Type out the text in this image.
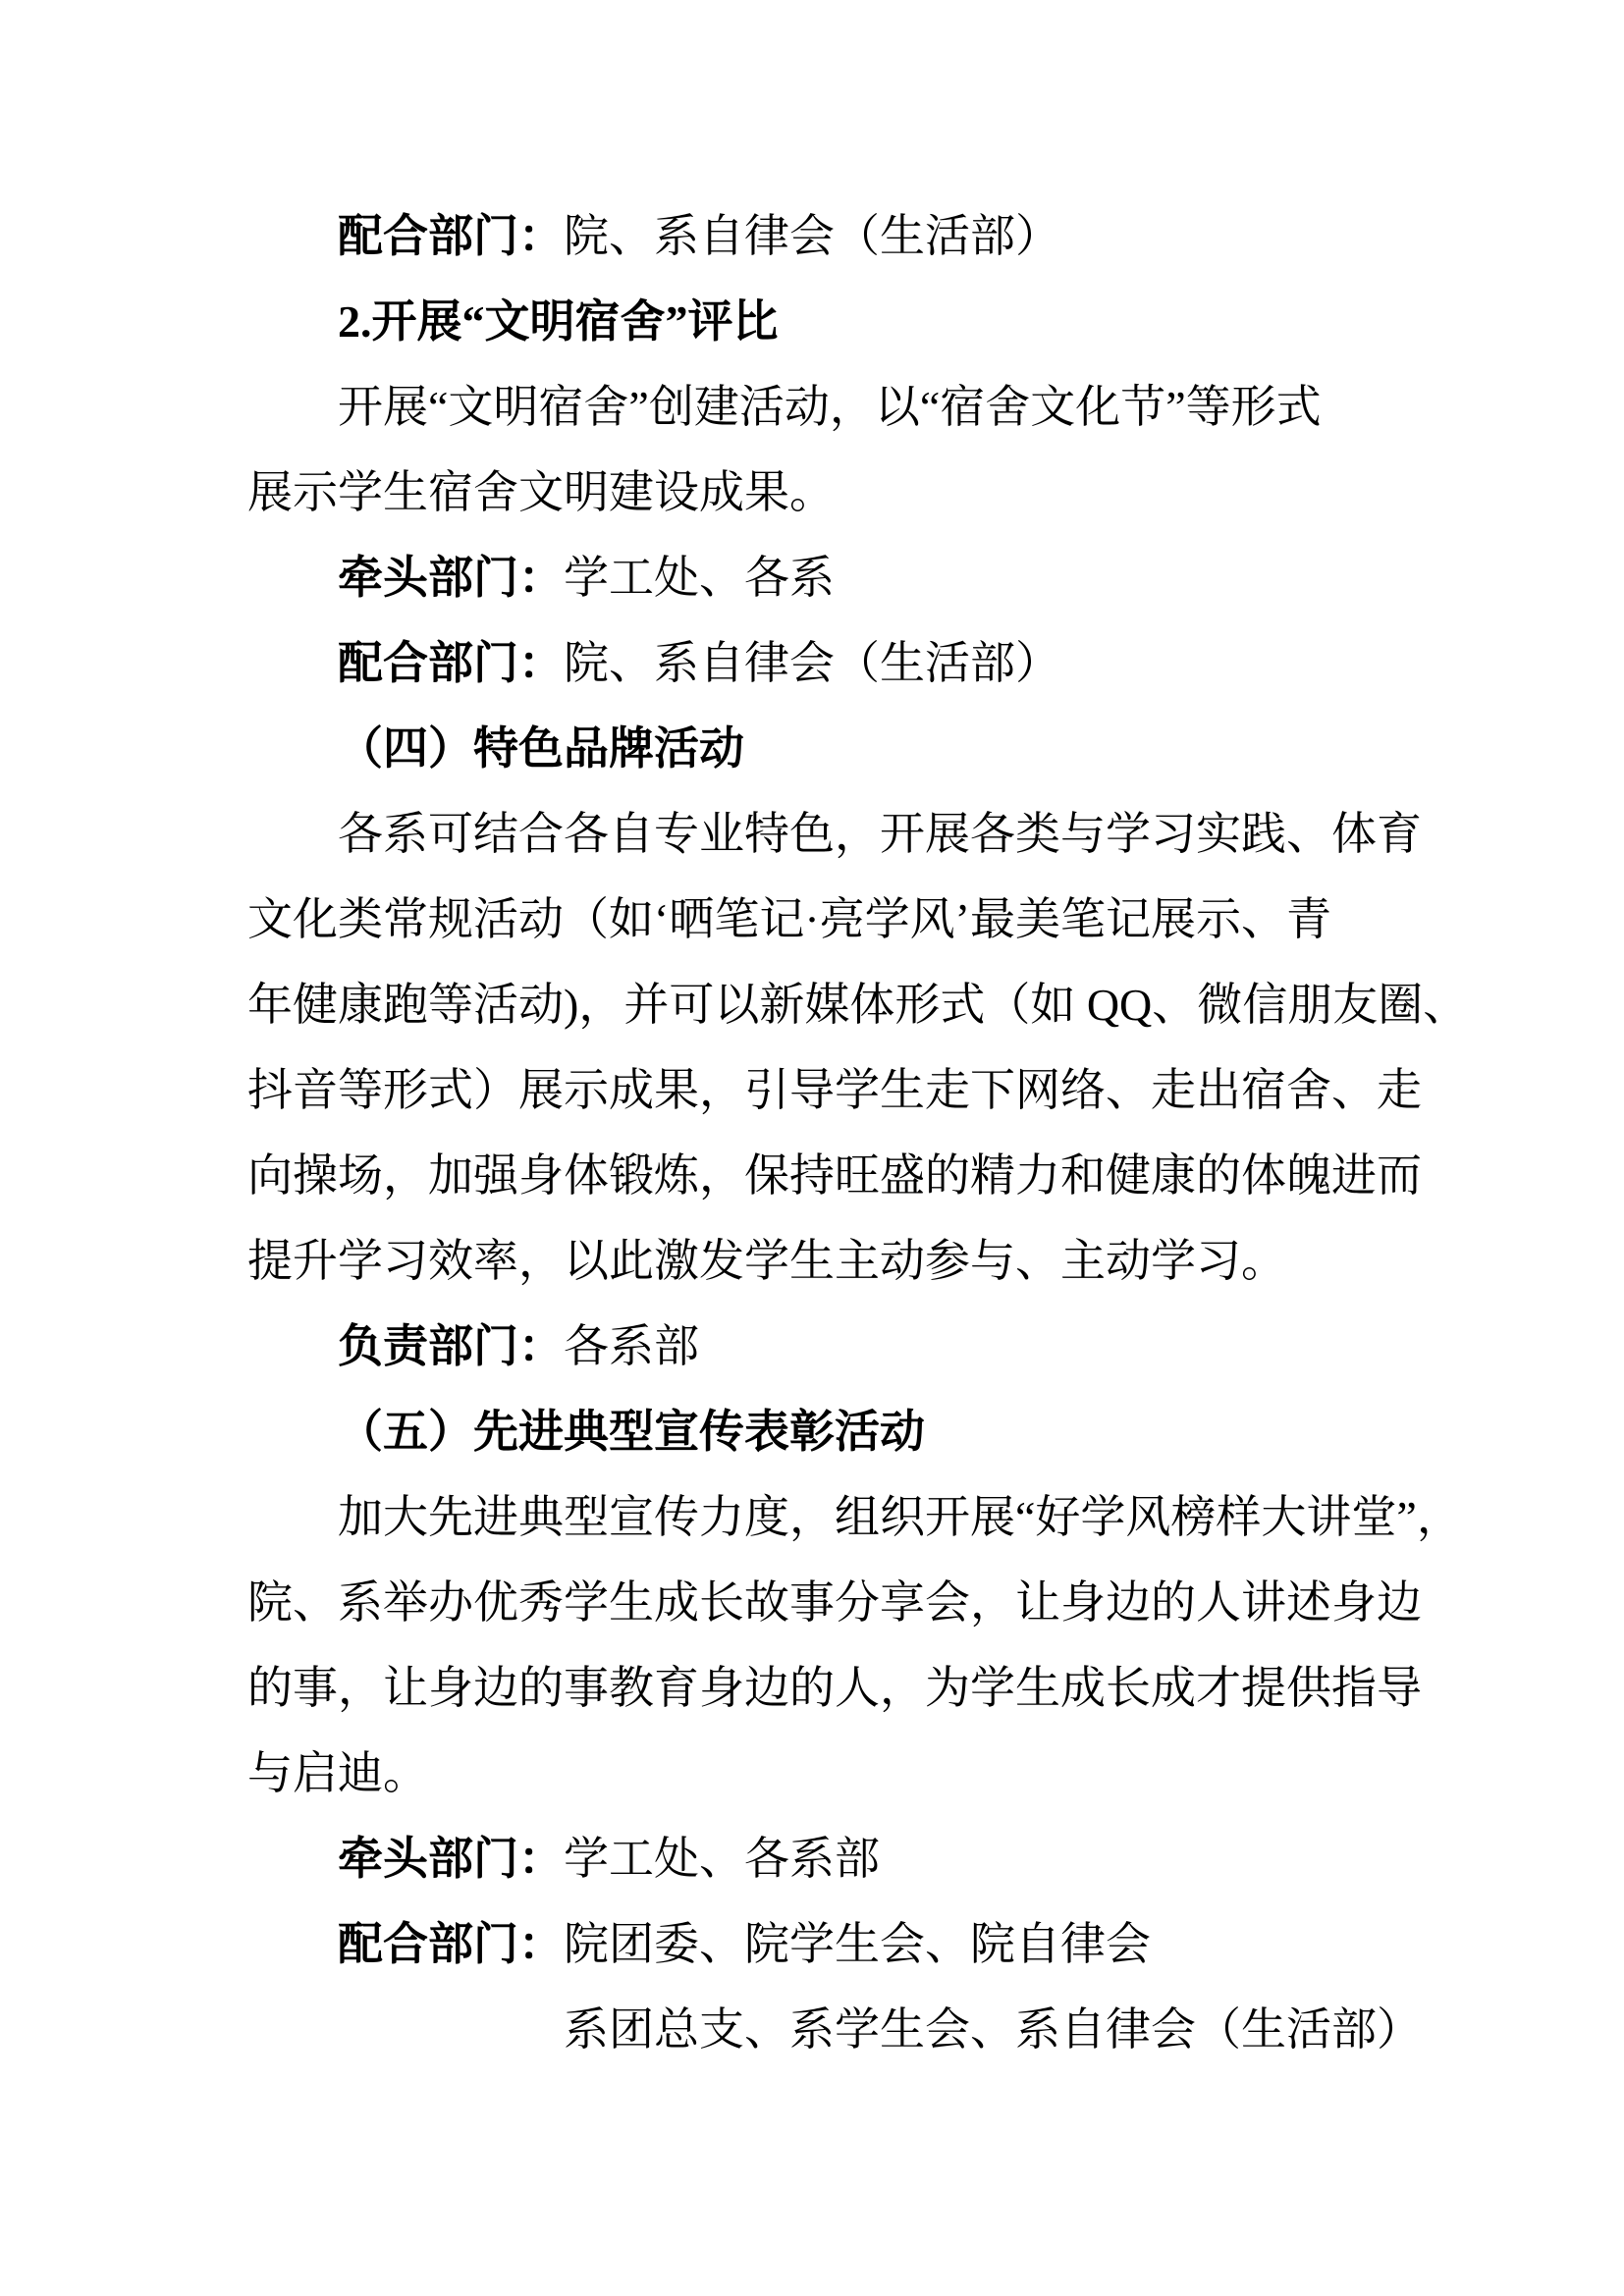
配合部门：院、系自律会（生活部）
2.开展“文明宿舍”评比
开展“文明宿舍”创建活动，以“宿舍文化节”等形式
展示学生宿舍文明建设成果。
牵头部门：学工处、各系
配合部门：院、系自律会（生活部）
（四）特色品牌活动
各系可结合各自专业特色，开展各类与学习实践、体育
文化类常规活动（如‘晒笔记·亮学风’最美笔记展示、青
年健康跑等活动)，并可以新媒体形式（如 QQ、微信朋友圈、
抖音等形式）展示成果，引导学生走下网络、走出宿舍、走
向操场，加强身体锻炼，保持旺盛的精力和健康的体魄进而
提升学习效率，以此激发学生主动参与、主动学习。
负责部门：各系部
（五）先进典型宣传表彰活动
加大先进典型宣传力度，组织开展“好学风榜样大讲堂”，
院、系举办优秀学生成长故事分享会，让身边的人讲述身边
的事，让身边的事教育身边的人，为学生成长成才提供指导
与启迪。
牵头部门：学工处、各系部
配合部门：院团委、院学生会、院自律会
系团总支、系学生会、系自律会（生活部）
